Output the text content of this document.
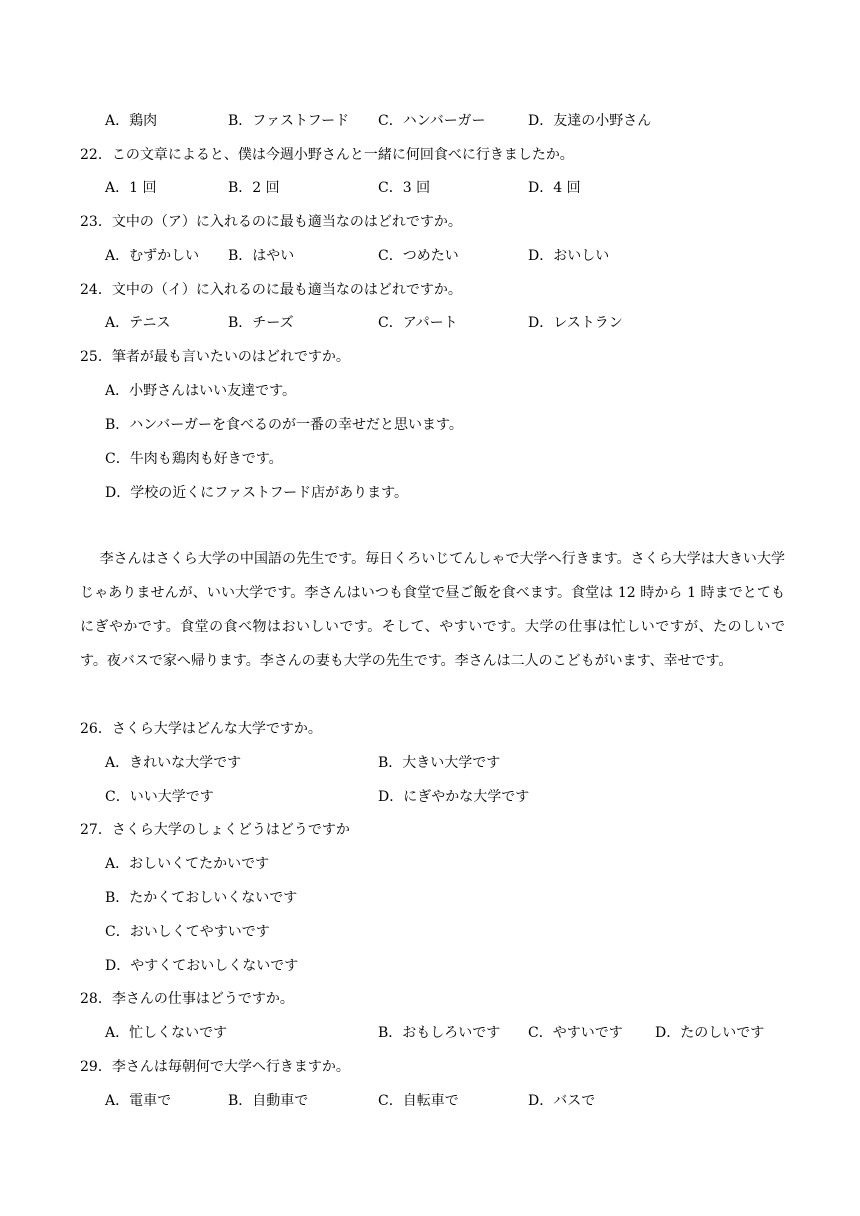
A．鶏肉	B．ファストフード C．ハンバーガー	D．友達の小野さん
22．この文章によると、僕は今週小野さんと一緒に何回食べに行きましたか。
A．1 回	B．2 回	C．3 回	D．4 回
23．文中の（ア）に入れるのに最も適当なのはどれですか。
A．むずかしい B．はやい	C．つめたい	D．おいしい
24．文中の（イ）に入れるのに最も適当なのはどれですか。
A．テニス	B．チーズ	C．アパート	D．レストラン
25．筆者が最も言いたいのはどれですか。
A．小野さんはいい友達です。
B．ハンバーガーを食べるのが一番の幸せだと思います。
C．牛肉も鶏肉も好きです。
D．学校の近くにファストフード店があります。
李さんはさくら大学の中国語の先生です。毎日くろいじてんしゃで大学へ行きます。さくら大学は大きい大学じゃありませんが、いい大学です。李さんはいつも食堂で昼ご飯を食べます。食堂は 12 時から 1 時までとてもにぎやかです。食堂の食べ物はおいしいです。そして、やすいです。大学の仕事は忙しいですが、たのしいです。夜バスで家へ帰ります。李さんの妻も大学の先生です。李さんは二人のこどもがいます、幸せです。
26．さくら大学はどんな大学ですか。
A．きれいな大学です	B．大きい大学です
C．いい大学です	D．にぎやかな大学です
27．さくら大学のしょくどうはどうですか
A．おしいくてたかいです
B．たかくておしいくないです
C．おいしくてやすいです
D．やすくておいしくないです
28．李さんの仕事はどうですか。
A．忙しくないです	B．おもしろいです C．やすいです D．たのしいです
29．李さんは毎朝何で大学へ行きますか。
A．電車で	B．自動車で	C．自転車で	D．バスで
